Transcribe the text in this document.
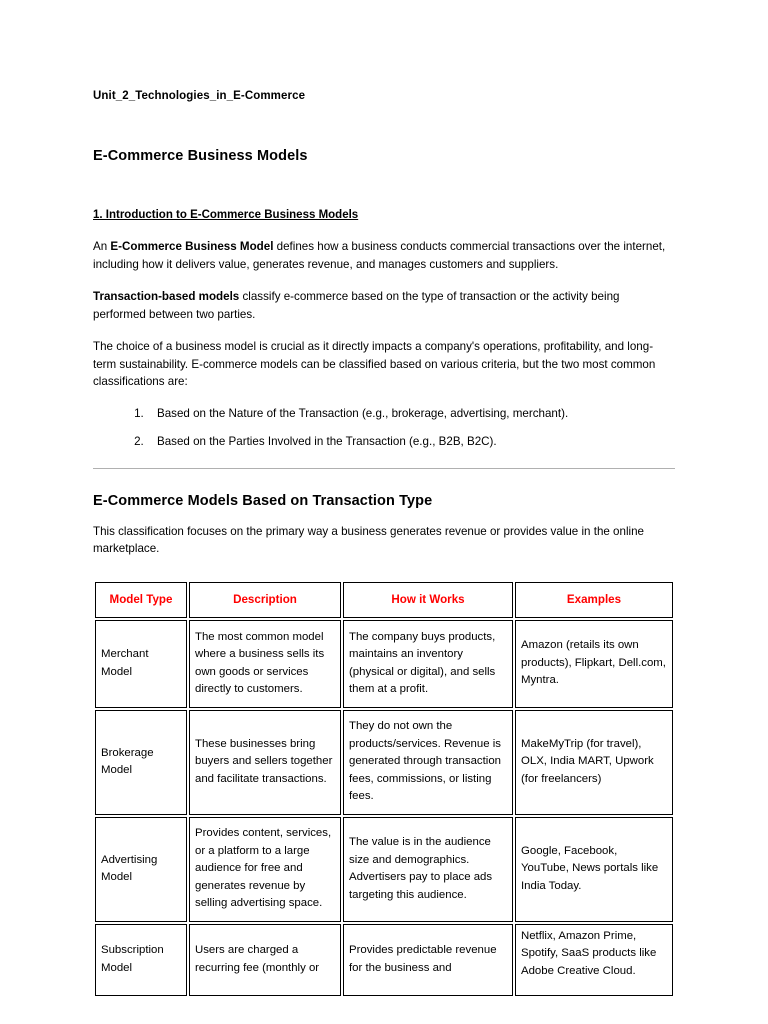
Unit_2_Technologies_in_E-Commerce
E-Commerce Business Models
1. Introduction to E-Commerce Business Models

An E-Commerce Business Model defines how a business conducts commercial transactions over the internet, including how it delivers value, generates revenue, and manages customers and suppliers.

Transaction-based models classify e-commerce based on the type of transaction or the activity being performed between two parties.

The choice of a business model is crucial as it directly impacts a company's operations, profitability, and long-term sustainability. E-commerce models can be classified based on various criteria, but the two most common classifications are:

1. Based on the Nature of the Transaction (e.g., brokerage, advertising, merchant).
2. Based on the Parties Involved in the Transaction (e.g., B2B, B2C).
E-Commerce Models Based on Transaction Type

This classification focuses on the primary way a business generates revenue or provides value in the online marketplace.

Model Type	Description	How it Works	Examples
Merchant Model	The most common model where a business sells its own goods or services directly to customers.	The company buys products, maintains an inventory (physical or digital), and sells them at a profit.	Amazon (retails its own products), Flipkart, Dell.com, Myntra.
Brokerage Model	These businesses bring buyers and sellers together and facilitate transactions.	They do not own the products/services. Revenue is generated through transaction fees, commissions, or listing fees.	MakeMyTrip (for travel), OLX, India MART, Upwork (for freelancers)
Advertising Model	Provides content, services, or a platform to a large audience for free and generates revenue by selling advertising space.	The value is in the audience size and demographics. Advertisers pay to place ads targeting this audience.	Google, Facebook, YouTube, News portals like India Today.
Subscription Model	Users are charged a recurring fee (monthly or	Provides predictable revenue for the business and	Netflix, Amazon Prime, Spotify, SaaS products like Adobe Creative Cloud.
